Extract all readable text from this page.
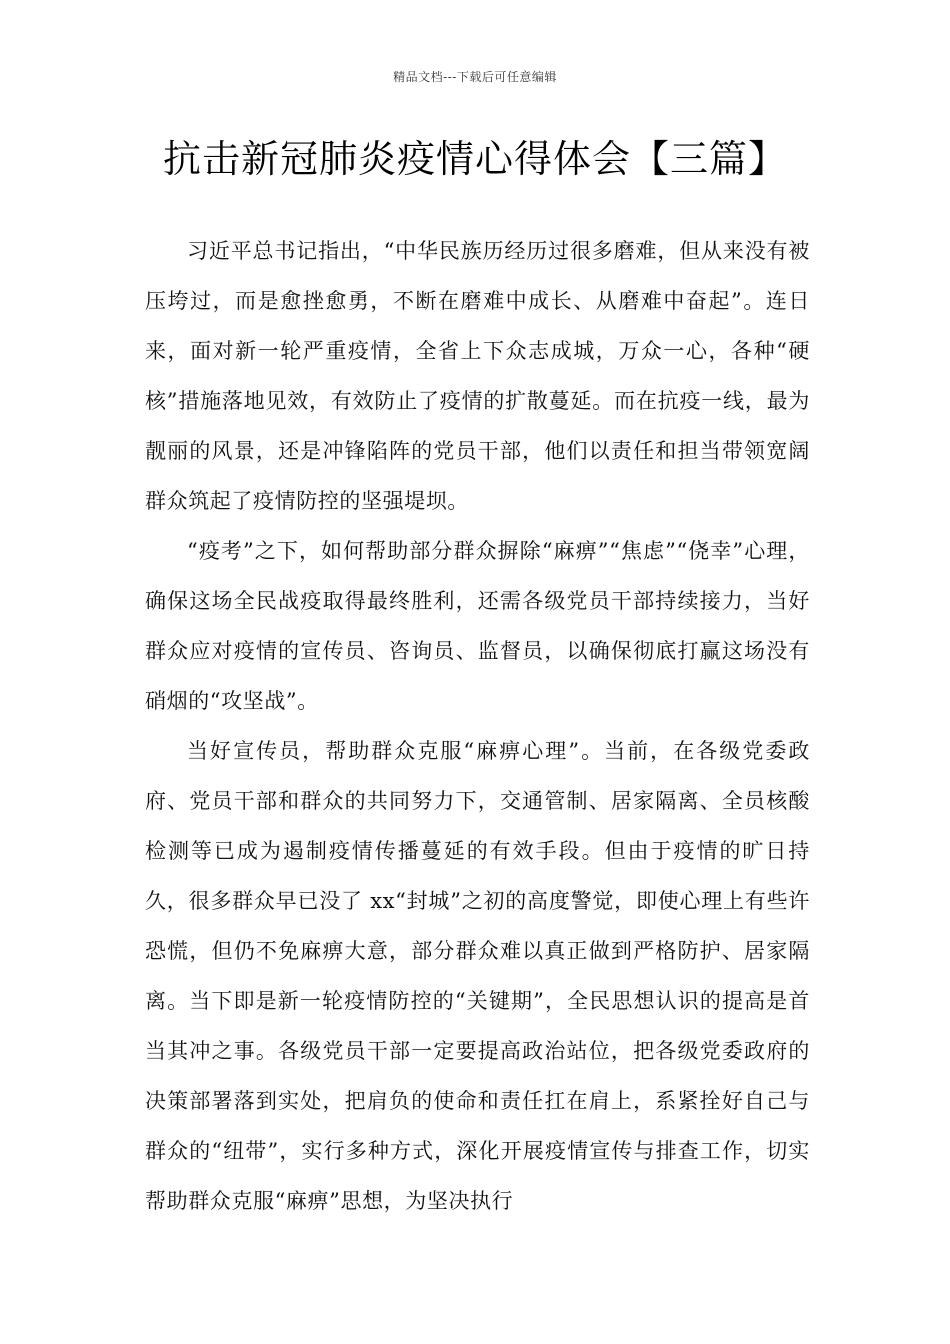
精品文档---下载后可任意编辑
抗击新冠肺炎疫情心得体会【三篇】

习近平总书记指出，“中华民族历经历过很多磨难，但从来没有被压垮过，而是愈挫愈勇，不断在磨难中成长、从磨难中奋起”。连日来，面对新一轮严重疫情，全省上下众志成城，万众一心，各种“硬核”措施落地见效，有效防止了疫情的扩散蔓延。而在抗疫一线，最为靓丽的风景，还是冲锋陷阵的党员干部，他们以责任和担当带领宽阔群众筑起了疫情防控的坚强堤坝。

“疫考”之下，如何帮助部分群众摒除“麻痹”“焦虑”“侥幸”心理，确保这场全民战疫取得最终胜利，还需各级党员干部持续接力，当好群众应对疫情的宣传员、咨询员、监督员，以确保彻底打赢这场没有硝烟的“攻坚战”。

当好宣传员，帮助群众克服“麻痹心理”。当前，在各级党委政府、党员干部和群众的共同努力下，交通管制、居家隔离、全员核酸检测等已成为遏制疫情传播蔓延的有效手段。但由于疫情的旷日持久，很多群众早已没了 xx“封城”之初的高度警觉，即使心理上有些许恐慌，但仍不免麻痹大意，部分群众难以真正做到严格防护、居家隔离。当下即是新一轮疫情防控的“关键期”，全民思想认识的提高是首当其冲之事。各级党员干部一定要提高政治站位，把各级党委政府的决策部署落到实处，把肩负的使命和责任扛在肩上，系紧拴好自己与群众的“纽带”，实行多种方式，深化开展疫情宣传与排查工作，切实帮助群众克服“麻痹”思想，为坚决执行
